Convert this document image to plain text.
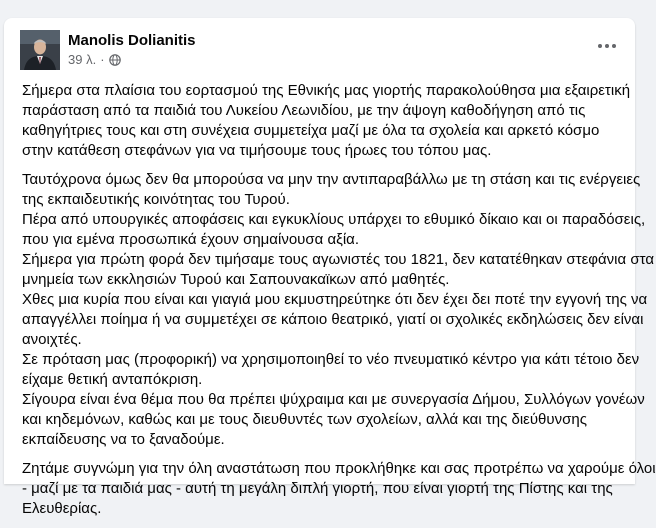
Manolis Dolianitis
39 λ. ·
Σήμερα στα πλαίσια του εορτασμού της Εθνικής μας γιορτής παρακολούθησα μια εξαιρετική
παράσταση από τα παιδιά του Λυκείου Λεωνιδίου, με την άψογη καθοδήγηση από τις
καθηγήτριες τους και στη συνέχεια συμμετείχα μαζί με όλα τα σχολεία και αρκετό κόσμο
στην κατάθεση στεφάνων για να τιμήσουμε τους ήρωες του τόπου μας.
Ταυτόχρονα όμως δεν θα μπορούσα να μην την αντιπαραβάλλω με τη στάση και τις ενέργειες
της εκπαιδευτικής κοινότητας του Τυρού.
Πέρα από υπουργικές αποφάσεις και εγκυκλίους υπάρχει το εθυμικό δίκαιο και οι παραδόσεις,
που για εμένα προσωπικά έχουν σημαίνουσα αξία.
Σήμερα για πρώτη φορά δεν τιμήσαμε τους αγωνιστές του 1821, δεν κατατέθηκαν στεφάνια στα
μνημεία των εκκλησιών Τυρού και Σαπουνακαϊκων από μαθητές.
Χθες μια κυρία που είναι και γιαγιά μου εκμυστηρεύτηκε ότι δεν έχει δει ποτέ την εγγονή της να
απαγγέλλει ποίημα ή να συμμετέχει σε κάποιο θεατρικό, γιατί οι σχολικές εκδηλώσεις δεν είναι
ανοιχτές.
Σε πρόταση μας (προφορική) να χρησιμοποιηθεί το νέο πνευματικό κέντρο για κάτι τέτοιο δεν
είχαμε θετική ανταπόκριση.
Σίγουρα είναι ένα θέμα που θα πρέπει ψύχραιμα και με συνεργασία Δήμου, Συλλόγων γονέων
και κηδεμόνων, καθώς και με τους διευθυντές των σχολείων, αλλά και της διεύθυνσης
εκπαίδευσης να το ξαναδούμε.
Ζητάμε συγνώμη για την όλη αναστάτωση που προκλήθηκε και σας προτρέπω να χαρούμε όλοι
- μαζί με τα παιδιά μας - αυτή τη μεγάλη διπλή γιορτή, που είναι γιορτή της Πίστης και της
Ελευθερίας.
